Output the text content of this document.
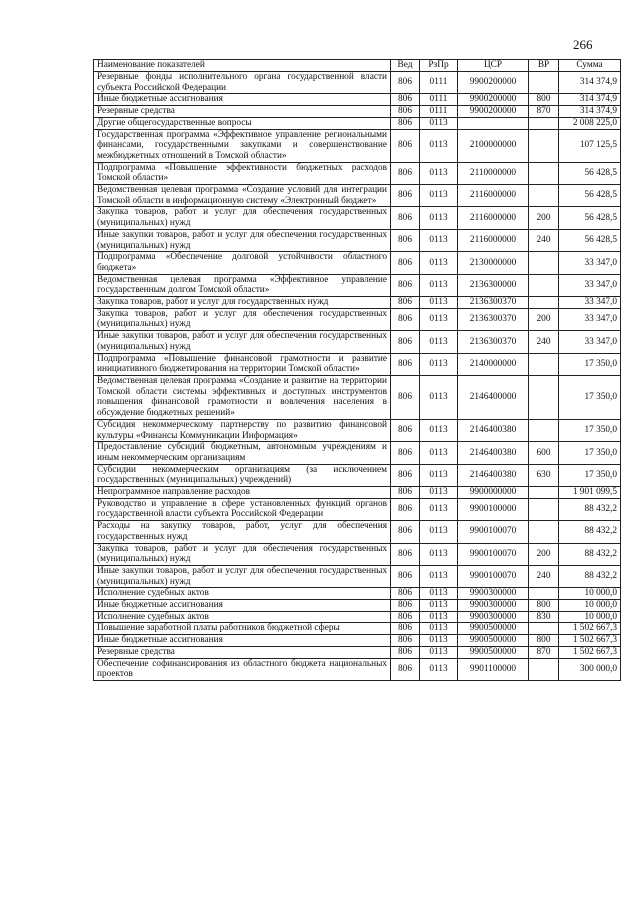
266
Наименование показателей	Вед	РзПр	ЦСР	ВР	Сумма
Резервные фонды исполнительного органа государственной власти субъекта Российской Федерации	806	0111	9900200000		314 374,9
Иные бюджетные ассигнования	806	0111	9900200000	800	314 374,9
Резервные средства	806	0111	9900200000	870	314 374,9
Другие общегосударственные вопросы	806	0113			2 008 225,0
Государственная программа «Эффективное управление региональными финансами, государственными закупками и совершенствование межбюджетных отношений в Томской области»	806	0113	2100000000		107 125,5
Подпрограмма «Повышение эффективности бюджетных расходов Томской области»	806	0113	2110000000		56 428,5
Ведомственная целевая программа «Создание условий для интеграции Томской области в информационную систему «Электронный бюджет»	806	0113	2116000000		56 428,5
Закупка товаров, работ и услуг для обеспечения государственных (муниципальных) нужд	806	0113	2116000000	200	56 428,5
Иные закупки товаров, работ и услуг для обеспечения государственных (муниципальных) нужд	806	0113	2116000000	240	56 428,5
Подпрограмма «Обеспечение долговой устойчивости областного бюджета»	806	0113	2130000000		33 347,0
Ведомственная целевая программа «Эффективное управление государственным долгом Томской области»	806	0113	2136300000		33 347,0
Закупка товаров, работ и услуг для государственных нужд	806	0113	2136300370		33 347,0
Закупка товаров, работ и услуг для обеспечения государственных (муниципальных) нужд	806	0113	2136300370	200	33 347,0
Иные закупки товаров, работ и услуг для обеспечения государственных (муниципальных) нужд	806	0113	2136300370	240	33 347,0
Подпрограмма «Повышение финансовой грамотности и развитие инициативного бюджетирования на территории Томской области»	806	0113	2140000000		17 350,0
Ведомственная целевая программа «Создание и развитие на территории Томской области системы эффективных и доступных инструментов повышения финансовой грамотности и вовлечения населения в обсуждение бюджетных решений»	806	0113	2146400000		17 350,0
Субсидия некоммерческому партнерству по развитию финансовой культуры «Финансы Коммуникации Информация»	806	0113	2146400380		17 350,0
Предоставление субсидий бюджетным, автономным учреждениям и иным некоммерческим организациям	806	0113	2146400380	600	17 350,0
Субсидии некоммерческим организациям (за исключением государственных (муниципальных) учреждений)	806	0113	2146400380	630	17 350,0
Непрограммное направление расходов	806	0113	9900000000		1 901 099,5
Руководство и управление в сфере установленных функций органов государственной власти субъекта Российской Федерации	806	0113	9900100000		88 432,2
Расходы на закупку товаров, работ, услуг для обеспечения государственных нужд	806	0113	9900100070		88 432,2
Закупка товаров, работ и услуг для обеспечения государственных (муниципальных) нужд	806	0113	9900100070	200	88 432,2
Иные закупки товаров, работ и услуг для обеспечения государственных (муниципальных) нужд	806	0113	9900100070	240	88 432,2
Исполнение судебных актов	806	0113	9900300000		10 000,0
Иные бюджетные ассигнования	806	0113	9900300000	800	10 000,0
Исполнение судебных актов	806	0113	9900300000	830	10 000,0
Повышение заработной платы работников бюджетной сферы	806	0113	9900500000		1 502 667,3
Иные бюджетные ассигнования	806	0113	9900500000	800	1 502 667,3
Резервные средства	806	0113	9900500000	870	1 502 667,3
Обеспечение софинансирования из областного бюджета национальных проектов	806	0113	9901100000		300 000,0
